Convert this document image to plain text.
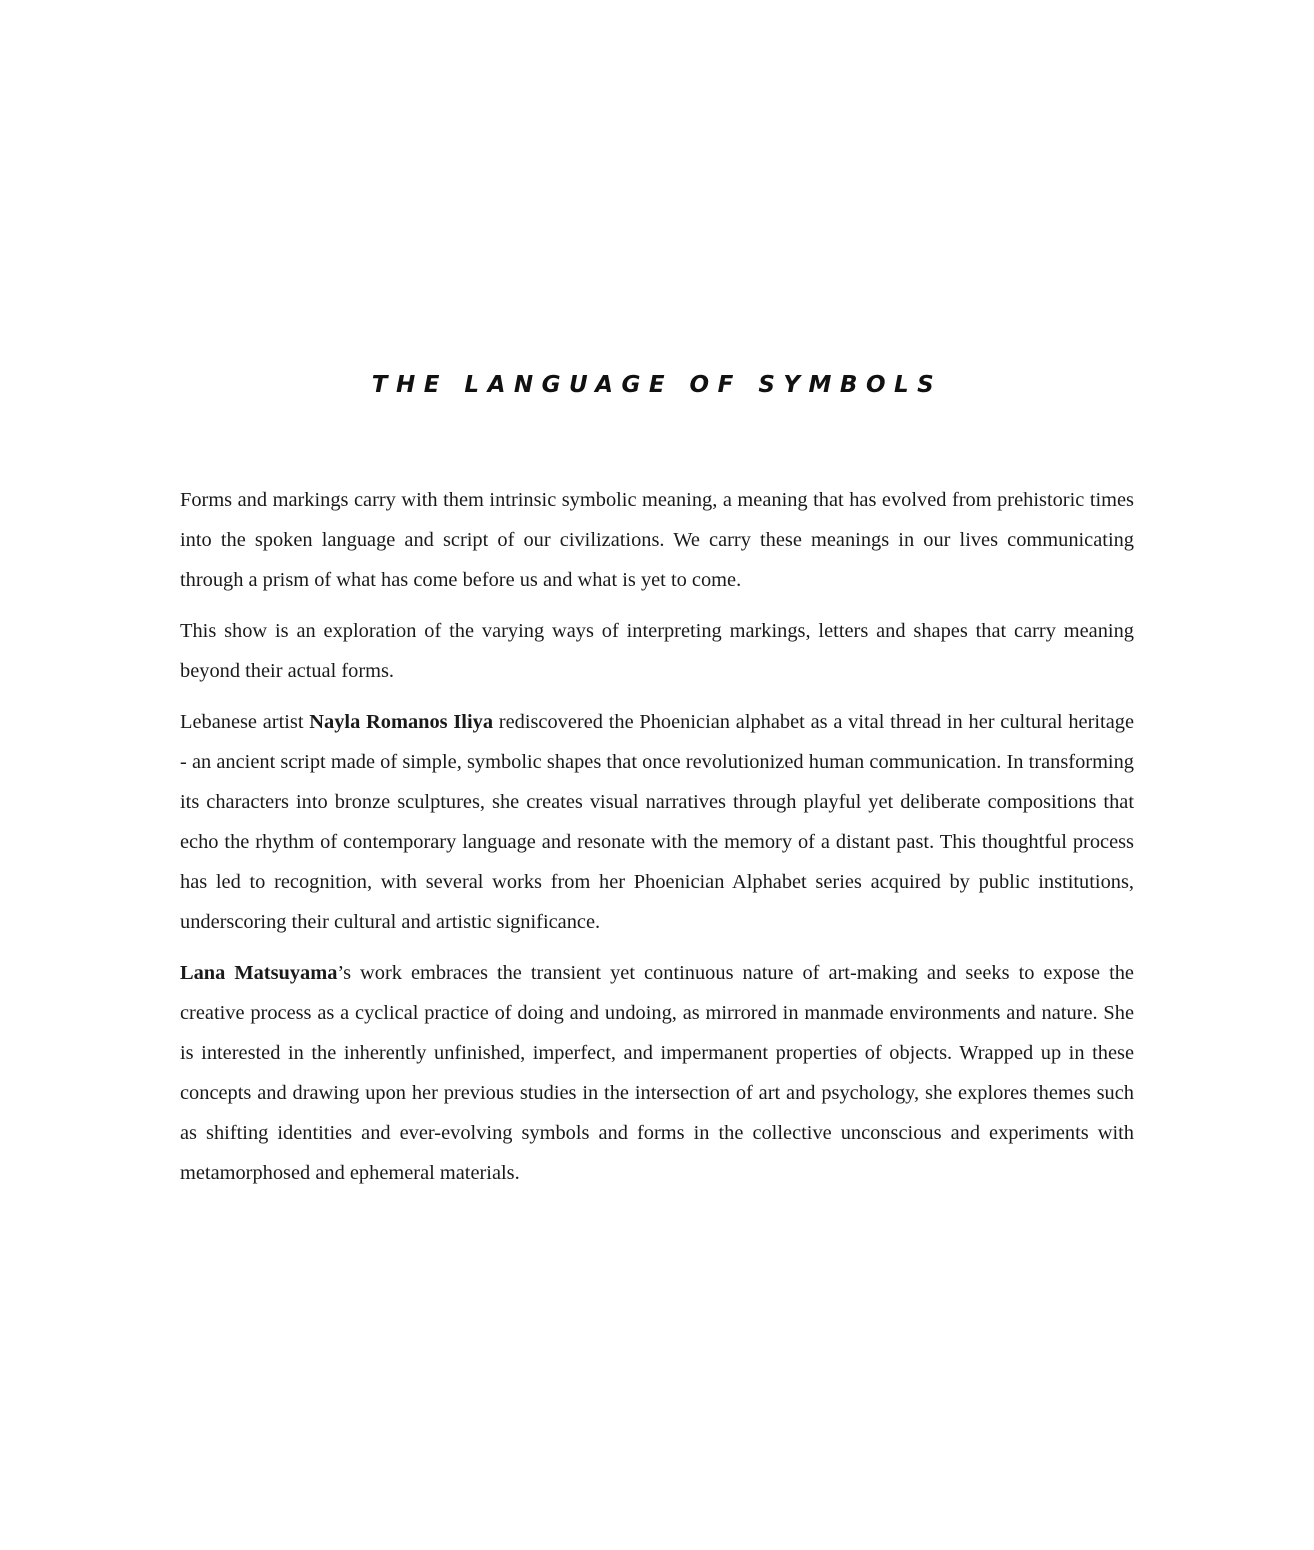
THE LANGUAGE OF SYMBOLS

Forms and markings carry with them intrinsic symbolic meaning, a meaning that has evolved from prehistoric times into the spoken language and script of our civilizations. We carry these meanings in our lives communicating through a prism of what has come before us and what is yet to come.

This show is an exploration of the varying ways of interpreting markings, letters and shapes that carry meaning beyond their actual forms.

Lebanese artist Nayla Romanos Iliya rediscovered the Phoenician alphabet as a vital thread in her cultural heritage - an ancient script made of simple, symbolic shapes that once revolutionized human communication. In transforming its characters into bronze sculptures, she creates visual narratives through playful yet deliberate compositions that echo the rhythm of contemporary language and resonate with the memory of a distant past. This thoughtful process has led to recognition, with several works from her Phoenician Alphabet series acquired by public institutions, underscoring their cultural and artistic significance.

Lana Matsuyama’s work embraces the transient yet continuous nature of art-making and seeks to expose the creative process as a cyclical practice of doing and undoing, as mirrored in manmade environments and nature. She is interested in the inherently unfinished, imperfect, and impermanent properties of objects. Wrapped up in these concepts and drawing upon her previous studies in the intersection of art and psychology, she explores themes such as shifting identities and ever-evolving symbols and forms in the collective unconscious and experiments with metamorphosed and ephemeral materials.
